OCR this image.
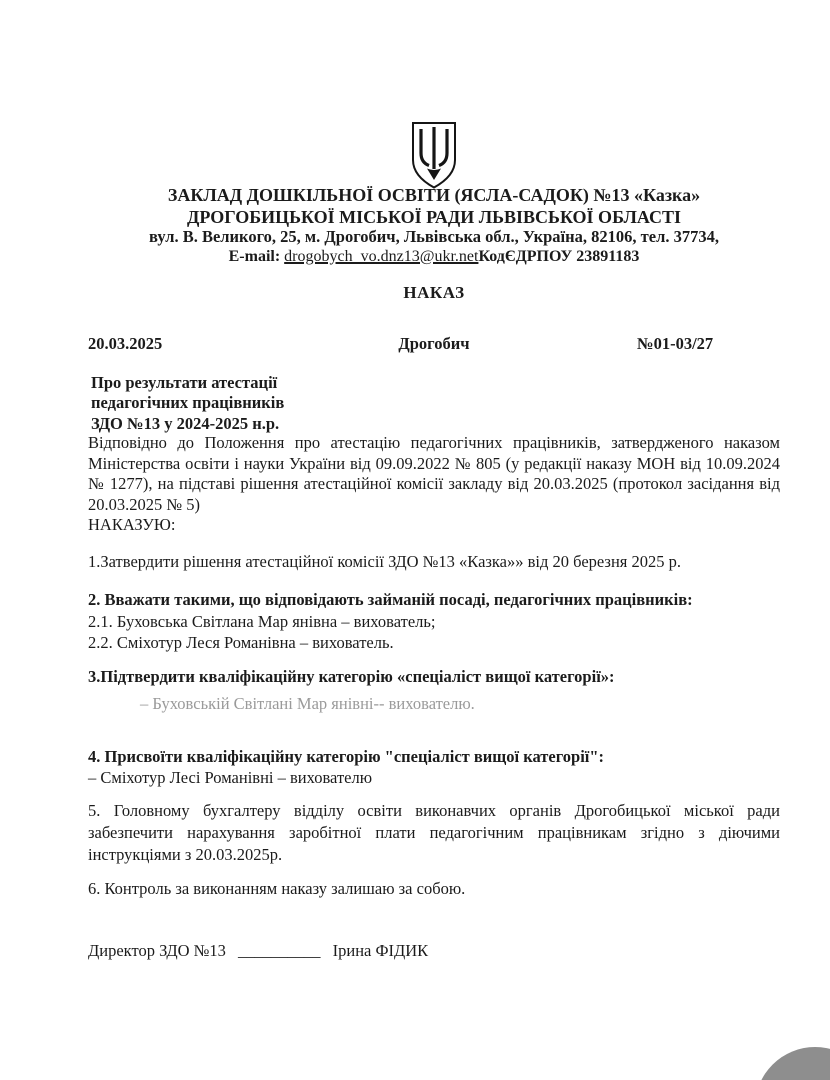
ЗАКЛАД ДОШКІЛЬНОЇ ОСВІТИ (ЯСЛА-САДОК) №13 «Казка»
ДРОГОБИЦЬКОЇ МІСЬКОЇ РАДИ ЛЬВІВСЬКОЇ ОБЛАСТІ
вул. В. Великого, 25, м. Дрогобич, Львівська обл., Україна, 82106, тел. 37734,
E-mail: drogobych_vo.dnz13@ukr.netКодЄДРПОУ 23891183
НАКАЗ
20.03.2025	Дрогобич	№01-03/27
Про результати атестації
педагогічних працівників
ЗДО №13 у 2024-2025 н.р.

Відповідно до Положення про атестацію педагогічних працівників, затвердженого наказом Міністерства освіти і науки України від 09.09.2022 № 805 (у редакції наказу МОН від 10.09.2024 № 1277), на підставі рішення атестаційної комісії закладу від 20.03.2025 (протокол засідання від 20.03.2025 № 5)

НАКАЗУЮ:
1.Затвердити рішення атестаційної комісії ЗДО №13 «Казка»» від 20 березня 2025 р.
2. Вважати такими, що відповідають займаній посаді, педагогічних працівників:
2.1. Буховська Світлана Мар янівна – вихователь;
2.2. Сміхотур Леся Романівна – вихователь.
3.Підтвердити кваліфікаційну категорію «спеціаліст вищої категорії»:
– Буховській Світлані Мар янівні-- вихователю.
4. Присвоїти кваліфікаційну категорію "спеціаліст вищої категорії":
– Сміхотур Лесі Романівні – вихователю

5. Головному бухгалтеру відділу освіти виконавчих органів Дрогобицької міської ради забезпечити нарахування заробітної плати педагогічним працівникам згідно з діючими інструкціями з 20.03.2025р.

6. Контроль за виконанням наказу залишаю за собою.
Директор ЗДО №13 __________ Ірина ФІДИК
